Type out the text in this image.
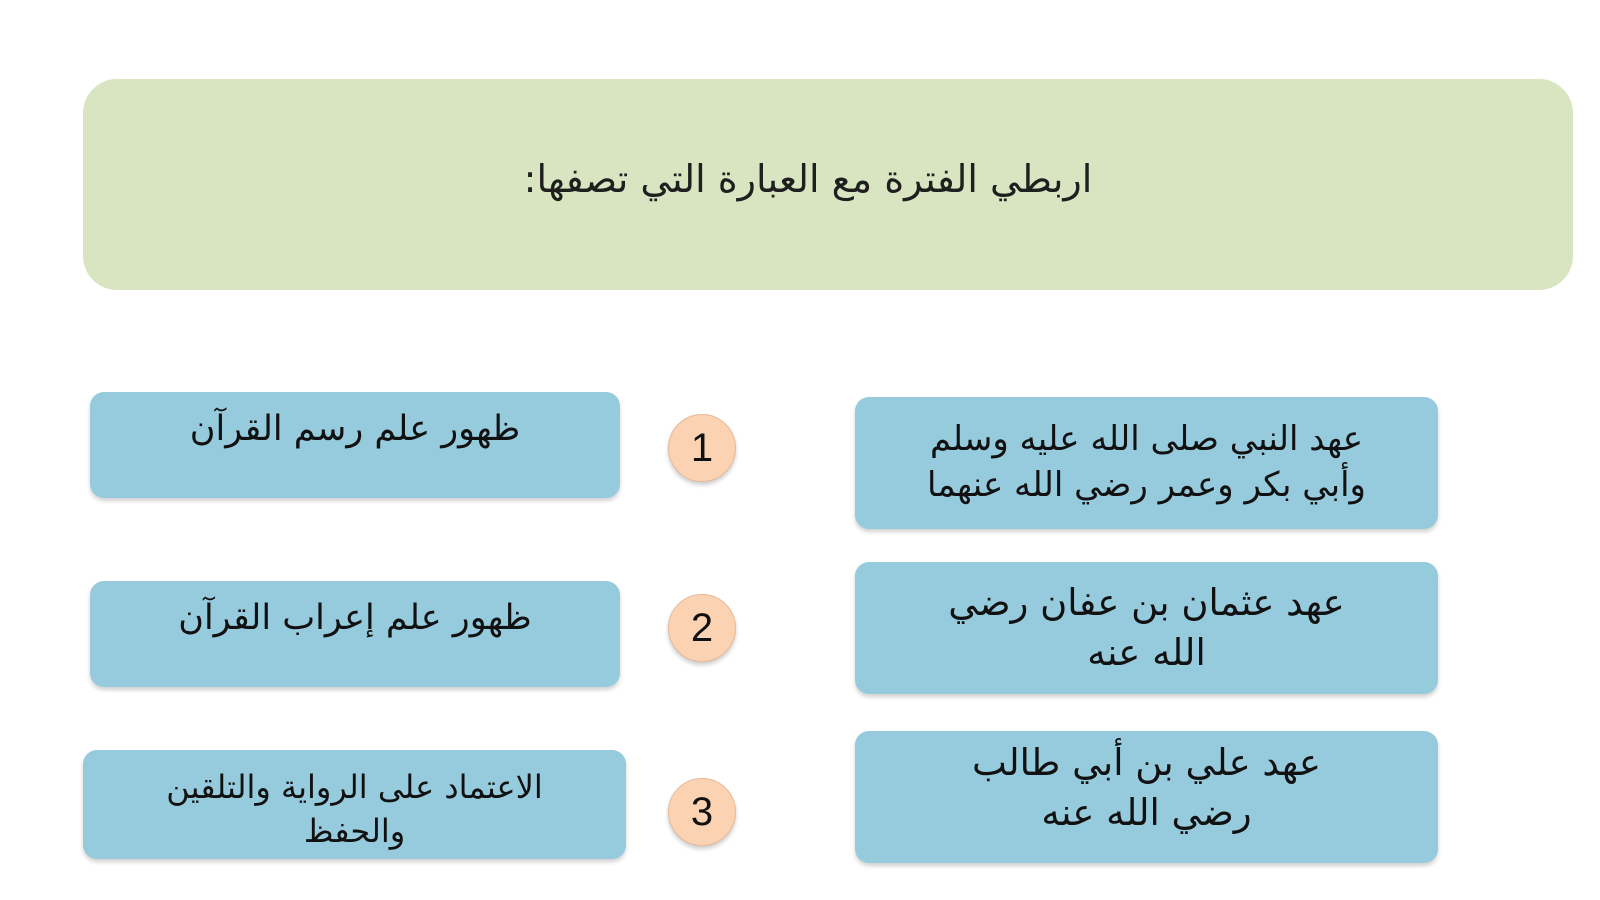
اربطي الفترة مع العبارة التي تصفها:
ظهور علم رسم القرآن
ظهور علم إعراب القرآن
الاعتماد على الرواية والتلقين والحفظ
1
2
3
عهد النبي صلى الله عليه وسلم وأبي بكر وعمر رضي الله عنهما
عهد عثمان بن عفان رضي الله عنه
عهد علي بن أبي طالب رضي الله عنه
